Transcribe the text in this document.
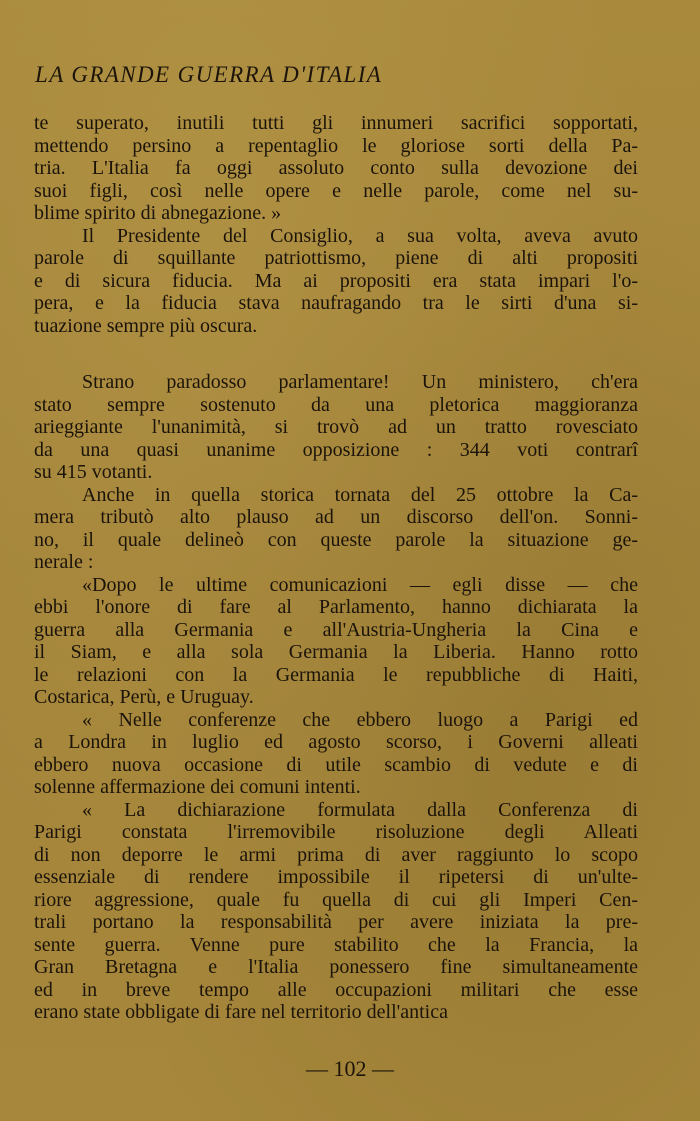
LA GRANDE GUERRA D'ITALIA
te superato, inutili tutti gli innumeri sacrifici sopportati,
mettendo persino a repentaglio le gloriose sorti della Pa-
tria. L'Italia fa oggi assoluto conto sulla devozione dei
suoi figli, così nelle opere e nelle parole, come nel su-
blime spirito di abnegazione. »
Il Presidente del Consiglio, a sua volta, aveva avuto
parole di squillante patriottismo, piene di alti propositi
e di sicura fiducia. Ma ai propositi era stata impari l'o-
pera, e la fiducia stava naufragando tra le sirti d'una si-
tuazione sempre più oscura.
Strano paradosso parlamentare! Un ministero, ch'era
stato sempre sostenuto da una pletorica maggioranza
arieggiante l'unanimità, si trovò ad un tratto rovesciato
da una quasi unanime opposizione : 344 voti contrarî
su 415 votanti.
Anche in quella storica tornata del 25 ottobre la Ca-
mera tributò alto plauso ad un discorso dell'on. Sonni-
no, il quale delineò con queste parole la situazione ge-
nerale :
«Dopo le ultime comunicazioni — egli disse — che
ebbi l'onore di fare al Parlamento, hanno dichiarata la
guerra alla Germania e all'Austria-Ungheria la Cina e
il Siam, e alla sola Germania la Liberia. Hanno rotto
le relazioni con la Germania le repubbliche di Haiti,
Costarica, Perù, e Uruguay.
« Nelle conferenze che ebbero luogo a Parigi ed
a Londra in luglio ed agosto scorso, i Governi alleati
ebbero nuova occasione di utile scambio di vedute e di
solenne affermazione dei comuni intenti.
« La dichiarazione formulata dalla Conferenza di
Parigi constata l'irremovibile risoluzione degli Alleati
di non deporre le armi prima di aver raggiunto lo scopo
essenziale di rendere impossibile il ripetersi di un'ulte-
riore aggressione, quale fu quella di cui gli Imperi Cen-
trali portano la responsabilità per avere iniziata la pre-
sente guerra. Venne pure stabilito che la Francia, la
Gran Bretagna e l'Italia ponessero fine simultaneamente
ed in breve tempo alle occupazioni militari che esse
erano state obbligate di fare nel territorio dell'antica
— 102 —
